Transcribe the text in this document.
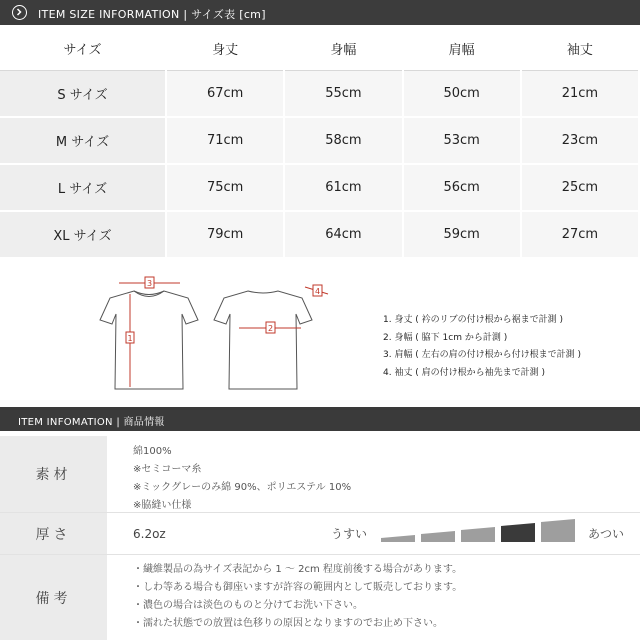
ITEM SIZE INFORMATION | サイズ表 [cm]
サイズ	身丈	身幅	肩幅	袖丈
S サイズ	67cm	55cm	50cm	21cm
M サイズ	71cm	58cm	53cm	23cm
L サイズ	75cm	61cm	56cm	25cm
XL サイズ	79cm	64cm	59cm	27cm
1
2
3
4
1. 身丈 ( 衿のリブの付け根から裾まで計測 )
2. 身幅 ( 脇下 1cm から計測 )
3. 肩幅 ( 左右の肩の付け根から付け根まで計測 )
4. 袖丈 ( 肩の付け根から袖先まで計測 )
ITEM INFOMATION | 商品情報
素材
綿100%
※セミコーマ糸
※ミックグレーのみ綿 90%、ポリエステル 10%
※脇縫い仕様
厚さ	6.2oz	うすい	あつい
備考
・繊維製品の為サイズ表記から 1 ～ 2cm 程度前後する場合があります。
・しわ等ある場合も御座いますが許容の範囲内として販売しております。
・濃色の場合は淡色のものと分けてお洗い下さい。
・濡れた状態での放置は色移りの原因となりますのでお止め下さい。
